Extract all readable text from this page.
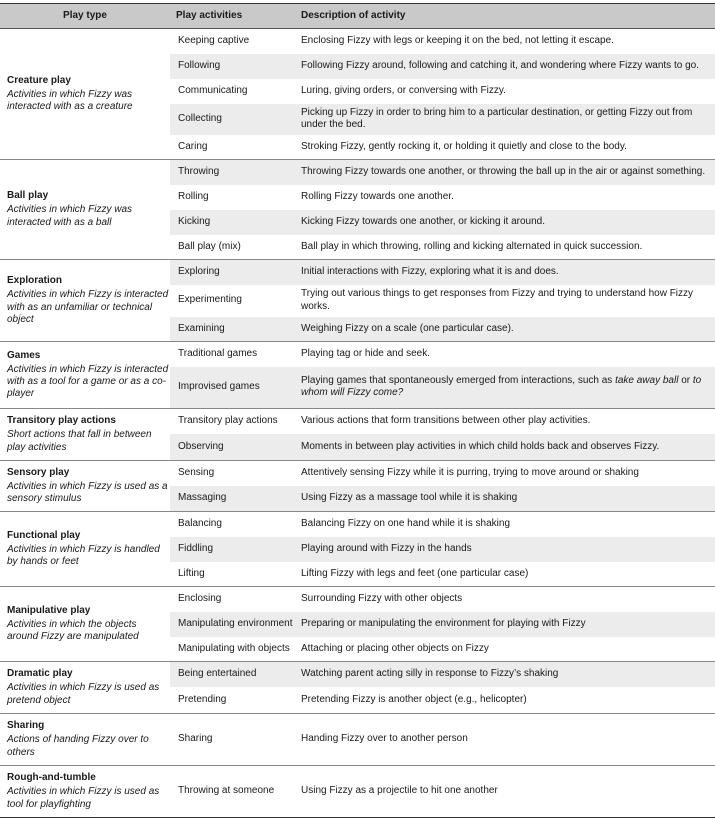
Play type	Play activities	Description of activity

Creature play
Activities in which Fizzy was interacted with as a creature	Keeping captive	Enclosing Fizzy with legs or keeping it on the bed, not letting it escape.
	Following	Following Fizzy around, following and catching it, and wondering where Fizzy wants to go.
	Communicating	Luring, giving orders, or conversing with Fizzy.
	Collecting	Picking up Fizzy in order to bring him to a particular destination, or getting Fizzy out from under the bed.
	Caring	Stroking Fizzy, gently rocking it, or holding it quietly and close to the body.

Ball play
Activities in which Fizzy was interacted with as a ball	Throwing	Throwing Fizzy towards one another, or throwing the ball up in the air or against something.
	Rolling	Rolling Fizzy towards one another.
	Kicking	Kicking Fizzy towards one another, or kicking it around.
	Ball play (mix)	Ball play in which throwing, rolling and kicking alternated in quick succession.

Exploration
Activities in which Fizzy is interacted with as an unfamiliar or technical object	Exploring	Initial interactions with Fizzy, exploring what it is and does.
	Experimenting	Trying out various things to get responses from Fizzy and trying to understand how Fizzy works.
	Examining	Weighing Fizzy on a scale (one particular case).

Games
Activities in which Fizzy is interacted with as a tool for a game or as a co-player	Traditional games	Playing tag or hide and seek.
	Improvised games	Playing games that spontaneously emerged from interactions, such as take away ball or to whom will Fizzy come?

Transitory play actions
Short actions that fall in between play activities	Transitory play actions	Various actions that form transitions between other play activities.
	Observing	Moments in between play activities in which child holds back and observes Fizzy.

Sensory play
Activities in which Fizzy is used as a sensory stimulus	Sensing	Attentively sensing Fizzy while it is purring, trying to move around or shaking
	Massaging	Using Fizzy as a massage tool while it is shaking

Functional play
Activities in which Fizzy is handled by hands or feet	Balancing	Balancing Fizzy on one hand while it is shaking
	Fiddling	Playing around with Fizzy in the hands
	Lifting	Lifting Fizzy with legs and feet (one particular case)

Manipulative play
Activities in which the objects around Fizzy are manipulated	Enclosing	Surrounding Fizzy with other objects
	Manipulating environment	Preparing or manipulating the environment for playing with Fizzy
	Manipulating with objects	Attaching or placing other objects on Fizzy

Dramatic play
Activities in which Fizzy is used as pretend object	Being entertained	Watching parent acting silly in response to Fizzy’s shaking
	Pretending	Pretending Fizzy is another object (e.g., helicopter)

Sharing
Actions of handing Fizzy over to others	Sharing	Handing Fizzy over to another person

Rough-and-tumble
Activities in which Fizzy is used as tool for playfighting	Throwing at someone	Using Fizzy as a projectile to hit one another
